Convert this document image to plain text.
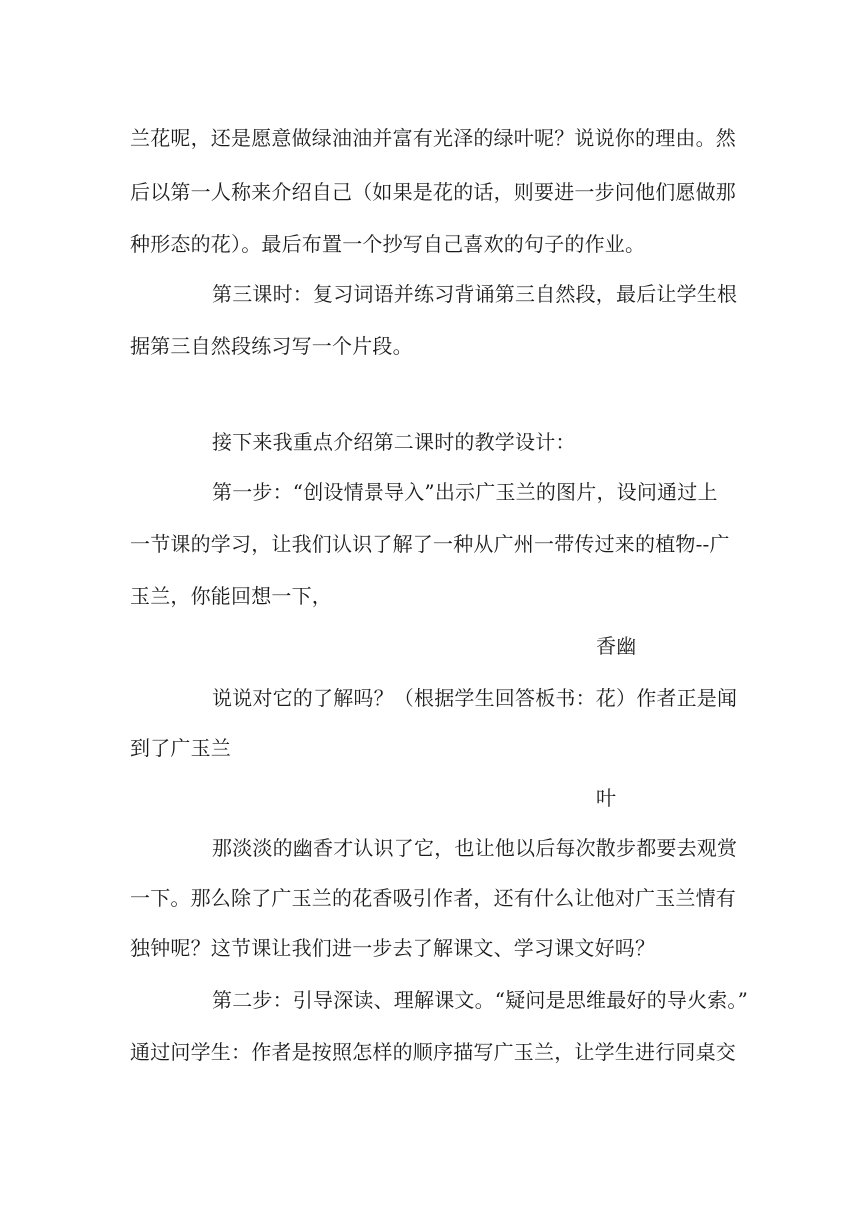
兰花呢，还是愿意做绿油油并富有光泽的绿叶呢？说说你的理由。然
后以第一人称来介绍自己（如果是花的话，则要进一步问他们愿做那
种形态的花）。最后布置一个抄写自己喜欢的句子的作业。
第三课时：复习词语并练习背诵第三自然段，最后让学生根
据第三自然段练习写一个片段。
接下来我重点介绍第二课时的教学设计：
第一步：“创设情景导入”出示广玉兰的图片，设问通过上
一节课的学习，让我们认识了解了一种从广州一带传过来的植物--广
玉兰，你能回想一下，
香幽
说说对它的了解吗？（根据学生回答板书：花）作者正是闻
到了广玉兰
叶
那淡淡的幽香才认识了它，也让他以后每次散步都要去观赏
一下。那么除了广玉兰的花香吸引作者，还有什么让他对广玉兰情有
独钟呢？这节课让我们进一步去了解课文、学习课文好吗？
第二步：引导深读、理解课文。“疑问是思维最好的导火索。”
通过问学生：作者是按照怎样的顺序描写广玉兰，让学生进行同桌交
